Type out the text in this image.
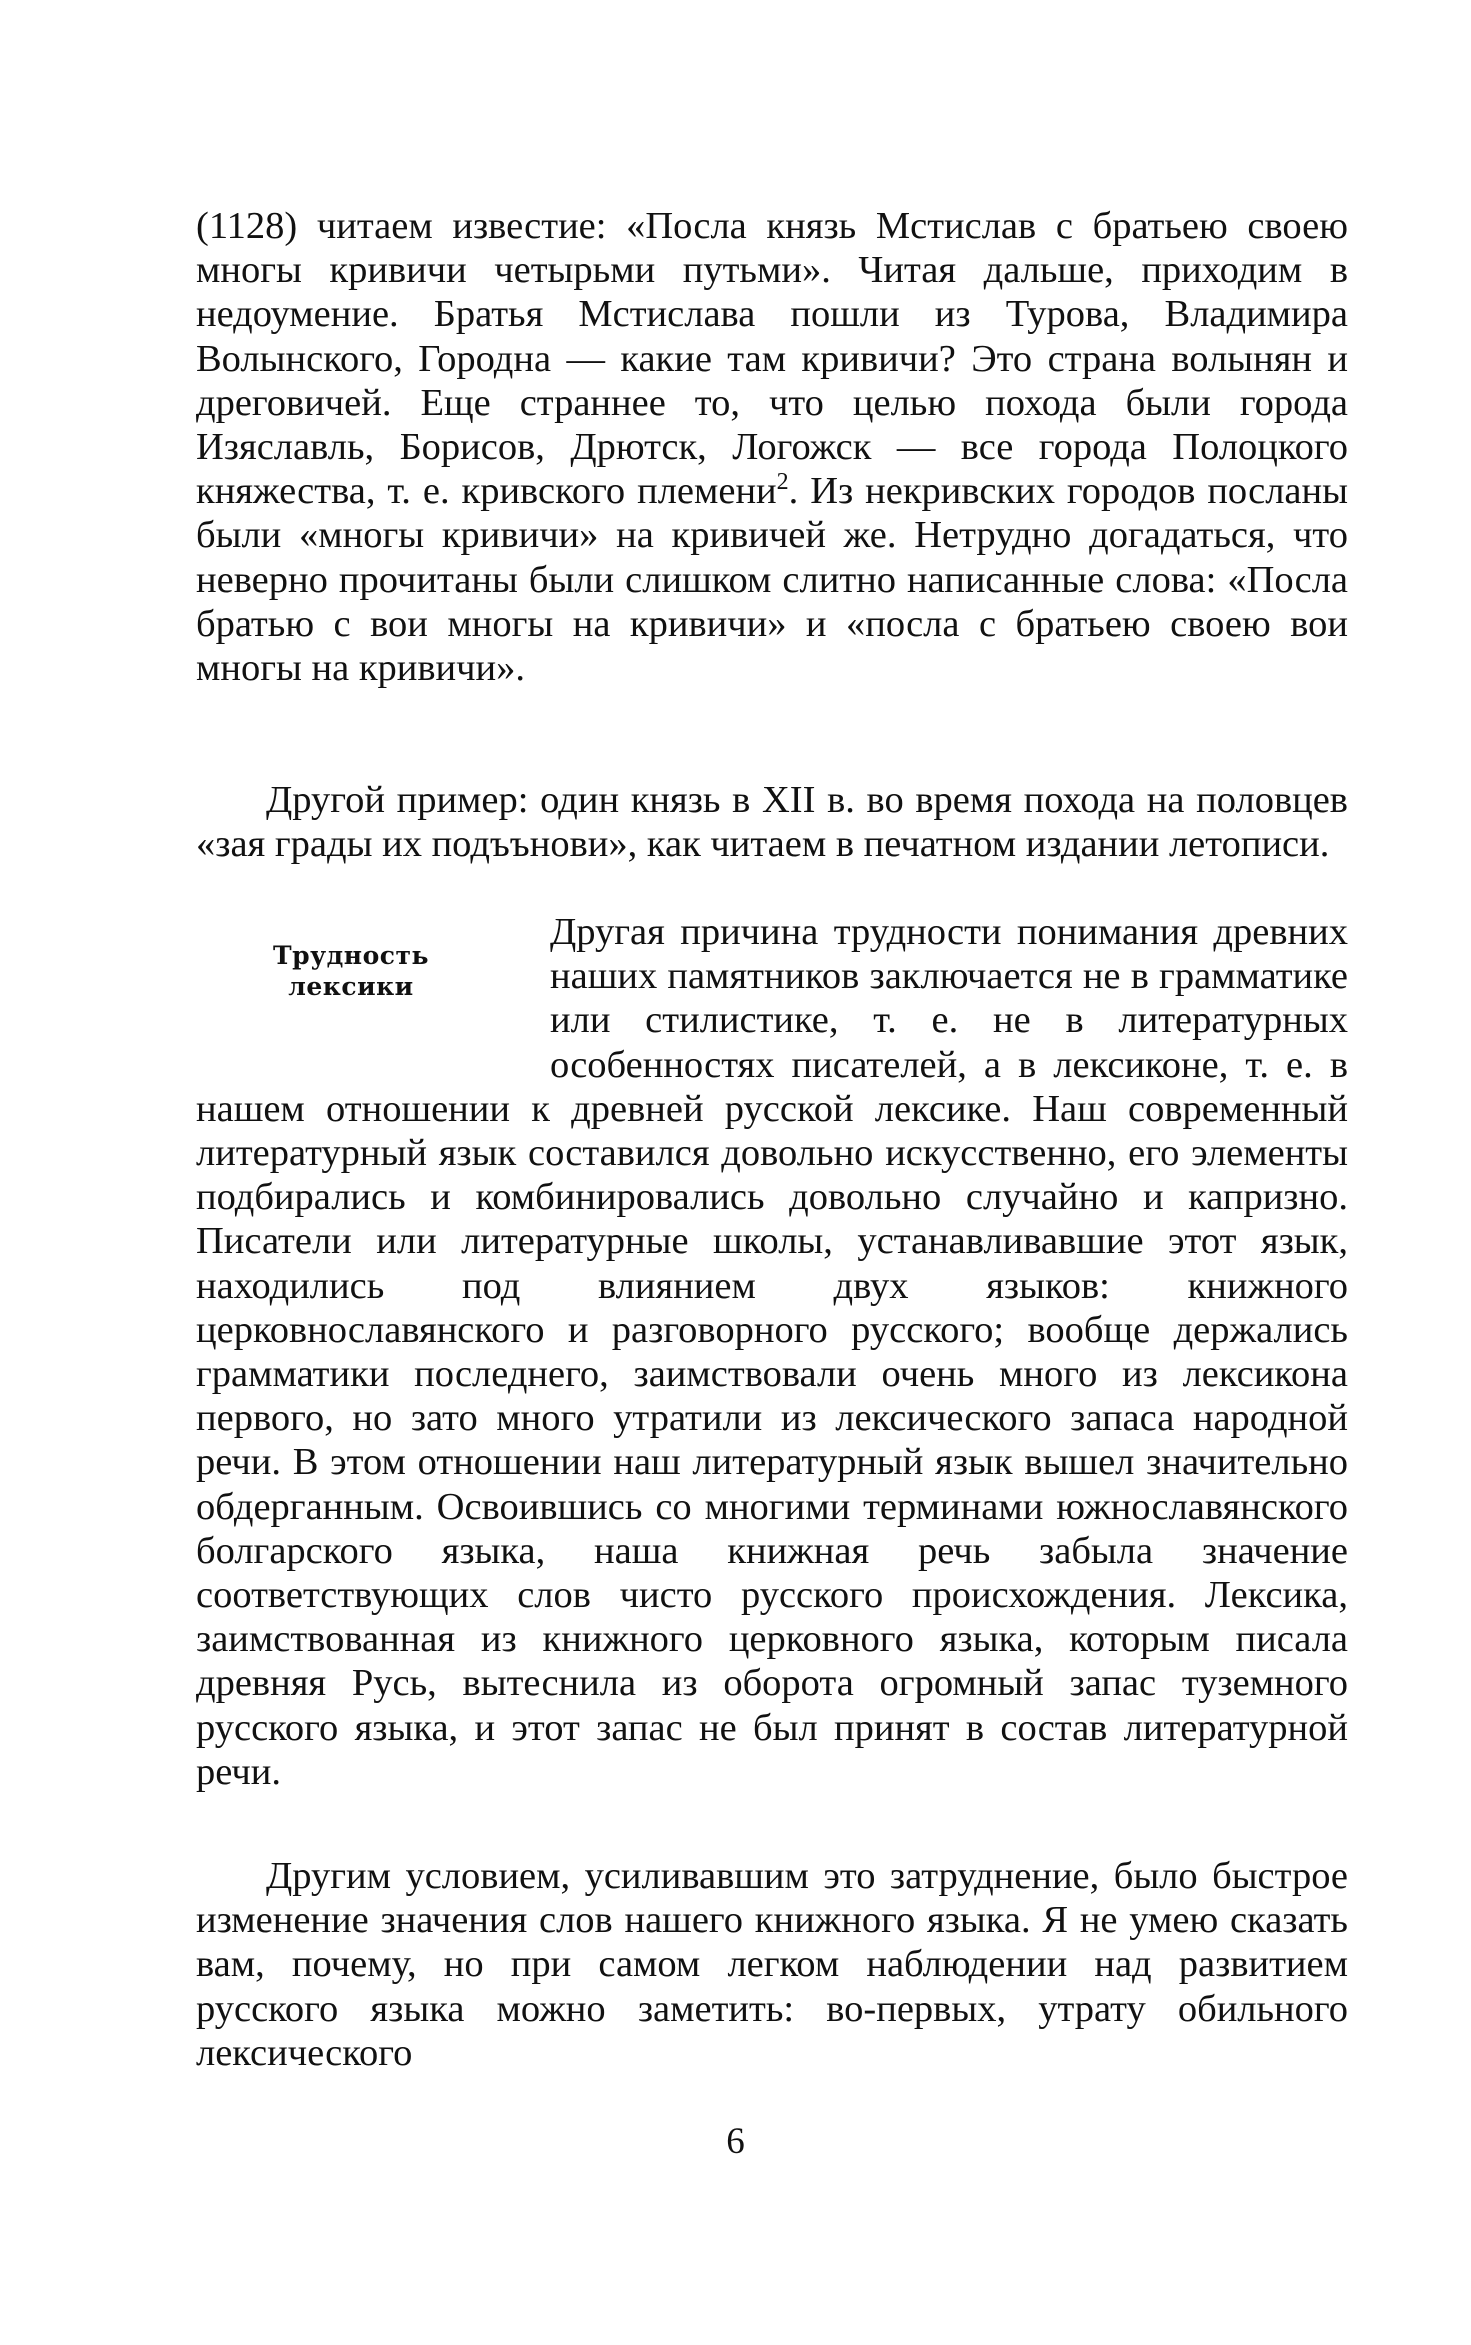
(1128) читаем известие: «Посла князь Мстислав с братьею своею многы кривичи четырьми путьми». Читая дальше, приходим в недоумение. Братья Мстислава пошли из Турова, Владимира Волынского, Городна — какие там кривичи? Это страна волынян и дреговичей. Еще страннее то, что целью похода были города Изяславль, Борисов, Дрютск, Логожск — все города Полоцкого княжества, т. е. кривского племени$^2$. Из некривских городов посланы были «многы кривичи» на кривичей же. Нетрудно догадаться, что неверно прочитаны были слишком слитно написанные слова: «Посла братью с вои многы на кривичи» и «посла с братьею своею вои многы на кривичи».

Другой пример: один князь в XII в. во время похода на половцев «зая грады их подъънови», как читаем в печатном издании летописи.

Трудность
лексики
Другая причина трудности понимания древних наших памятников заключается не в грамматике или стилистике, т. е. не в литературных особенностях писателей, а в лексиконе, т. е. в нашем отношении к древней русской лексике. Наш современный литературный язык составился довольно искусственно, его элементы подбирались и комбинировались довольно случайно и капризно. Писатели или литературные школы, устанавливавшие этот язык, находились под влиянием двух языков: книжного церковнославянского и разговорного русского; вообще держались грамматики последнего, заимствовали очень много из лексикона первого, но зато много утратили из лексического запаса народной речи. В этом отношении наш литературный язык вышел значительно обдерганным. Освоившись со многими терминами южнославянского болгарского языка, наша книжная речь забыла значение соответствующих слов чисто русского происхождения. Лексика, заимствованная из книжного церковного языка, которым писала древняя Русь, вытеснила из оборота огромный запас туземного русского языка, и этот запас не был принят в состав литературной речи.

Другим условием, усиливавшим это затруднение, было быстрое изменение значения слов нашего книжного языка. Я не умею сказать вам, почему, но при самом легком наблюдении над развитием русского языка можно заметить: во-первых, утрату обильного лексического

6
